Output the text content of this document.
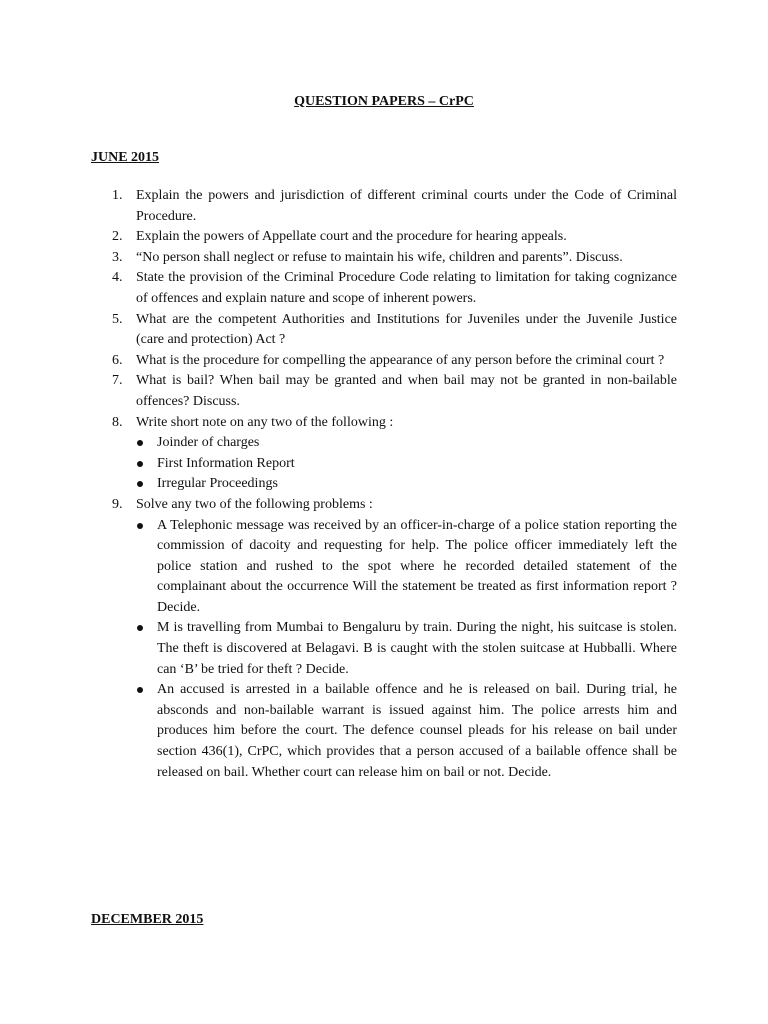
QUESTION PAPERS – CrPC
JUNE 2015
1. Explain the powers and jurisdiction of different criminal courts under the Code of Criminal Procedure.
2. Explain the powers of Appellate court and the procedure for hearing appeals.
3. “No person shall neglect or refuse to maintain his wife, children and parents”. Discuss.
4. State the provision of the Criminal Procedure Code relating to limitation for taking cognizance of offences and explain nature and scope of inherent powers.
5. What are the competent Authorities and Institutions for Juveniles under the Juvenile Justice (care and protection) Act ?
6. What is the procedure for compelling the appearance of any person before the criminal court ?
7. What is bail? When bail may be granted and when bail may not be granted in non-bailable offences? Discuss.
8. Write short note on any two of the following :
Joinder of charges
First Information Report
Irregular Proceedings
9. Solve any two of the following problems :
A Telephonic message was received by an officer-in-charge of a police station reporting the commission of dacoity and requesting for help. The police officer immediately left the police station and rushed to the spot where he recorded detailed statement of the complainant about the occurrence Will the statement be treated as first information report ? Decide.
M is travelling from Mumbai to Bengaluru by train. During the night, his suitcase is stolen. The theft is discovered at Belagavi. B is caught with the stolen suitcase at Hubballi. Where can ‘B’ be tried for theft ? Decide.
An accused is arrested in a bailable offence and he is released on bail. During trial, he absconds and non-bailable warrant is issued against him. The police arrests him and produces him before the court. The defence counsel pleads for his release on bail under section 436(1), CrPC, which provides that a person accused of a bailable offence shall be released on bail. Whether court can release him on bail or not. Decide.
DECEMBER 2015
